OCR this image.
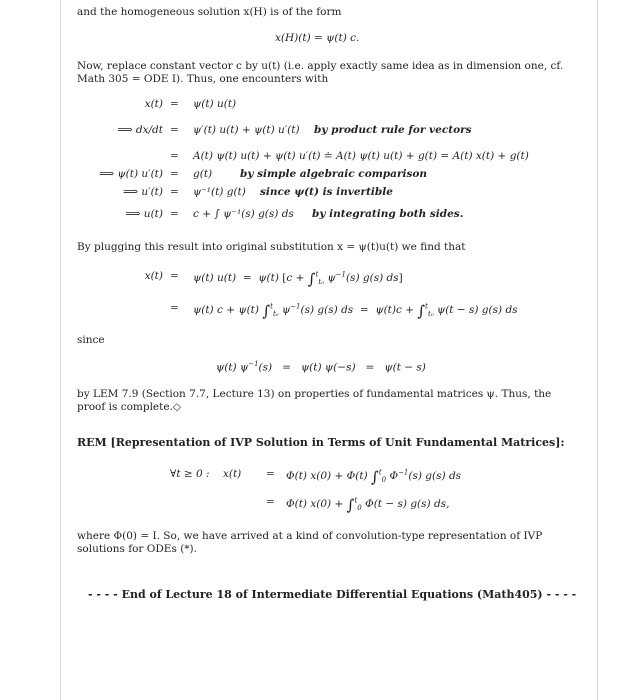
and the homogeneous solution x(H) is of the form
x(H)(t) = ψ(t) c.
Now, replace constant vector c by u(t) (i.e. apply exactly same idea as in dimension one, cf. Math 305 = ODE I). Thus, one encounters with
x(t) = ψ(t) u(t)
⟹ dx/dt = ψ′(t) u(t) + ψ(t) u′(t) by product rule for vectors
= A(t) ψ(t) u(t) + ψ(t) u′(t) ≐ A(t) ψ(t) u(t) + g(t) = A(t) x(t) + g(t)
⟹ ψ(t) u′(t) = g(t)	by simple algebraic comparison
⟹ u′(t) = ψ⁻¹(t) g(t) since ψ(t) is invertible
⟹ u(t) = c + ∫ ψ⁻¹(s) g(s) ds by integrating both sides.
By plugging this result into original substitution x = ψ(t)u(t) we find that
x(t) = ψ(t) u(t)  =  ψ(t) [c + ∫$^t_{t_0}$ $\psi^{-1}(s)$ g(s) ds]
= ψ(t) c + ψ(t) ∫$^t_{t_0}$ $\psi^{-1}(s)$ g(s) ds  =  ψ(t)c + ∫$^t_{t_0}$ ψ(t − s) g(s) ds
since
ψ(t) $\psi^{-1}(s) = \psi(t) \psi(-s) = \psi(t - s)$
by LEM 7.9 (Section 7.7, Lecture 13) on properties of fundamental matrices ψ. Thus, the proof is complete.◇
REM [Representation of IVP Solution in Terms of Unit Fundamental Matrices]:
∀t ≥ 0 :    x(t) = Φ(t) x(0) + Φ(t) ∫$^t_0$ $\Phi^{-1}(s)$ g(s) ds
= Φ(t) x(0) + ∫$^t_0$ Φ(t − s) g(s) ds,
where Φ(0) = I. So, we have arrived at a kind of convolution-type representation of IVP solutions for ODEs (*).
- - - - End of Lecture 18 of Intermediate Differential Equations (Math405) - - - -
